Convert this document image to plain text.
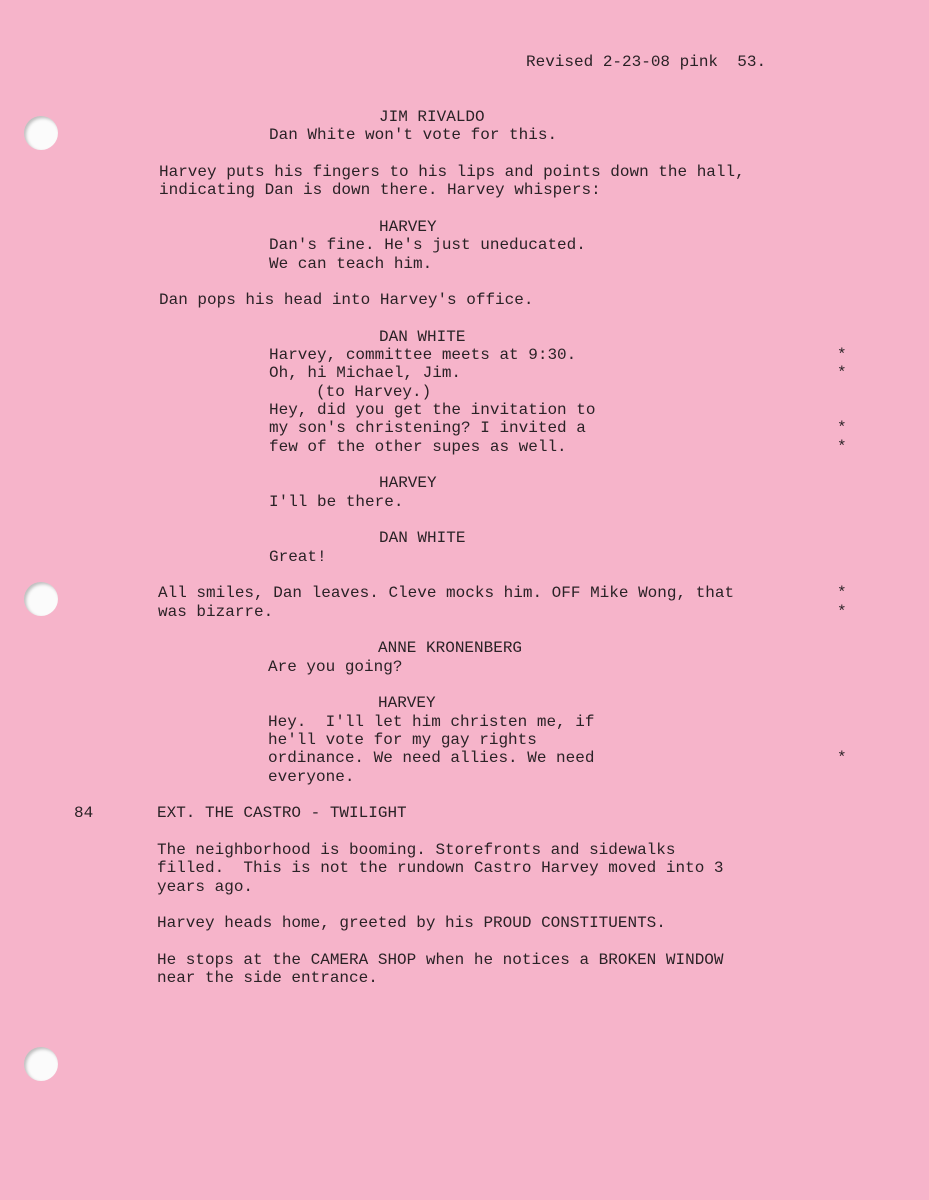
Revised 2-23-08 pink  53.
JIM RIVALDO
Dan White won't vote for this.
Harvey puts his fingers to his lips and points down the hall,
indicating Dan is down there. Harvey whispers:
HARVEY
Dan's fine. He's just uneducated.
We can teach him.
Dan pops his head into Harvey's office.
DAN WHITE
Harvey, committee meets at 9:30.
Oh, hi Michael, Jim.
(to Harvey.)
Hey, did you get the invitation to
my son's christening? I invited a
few of the other supes as well.
HARVEY
I'll be there.
DAN WHITE
Great!
All smiles, Dan leaves. Cleve mocks him. OFF Mike Wong, that
was bizarre.
ANNE KRONENBERG
Are you going?
HARVEY
Hey.  I'll let him christen me, if
he'll vote for my gay rights
ordinance. We need allies. We need
everyone.
84	EXT. THE CASTRO - TWILIGHT
The neighborhood is booming. Storefronts and sidewalks
filled.  This is not the rundown Castro Harvey moved into 3
years ago.
Harvey heads home, greeted by his PROUD CONSTITUENTS.
He stops at the CAMERA SHOP when he notices a BROKEN WINDOW
near the side entrance.
*
*
*
*
*
*
*
